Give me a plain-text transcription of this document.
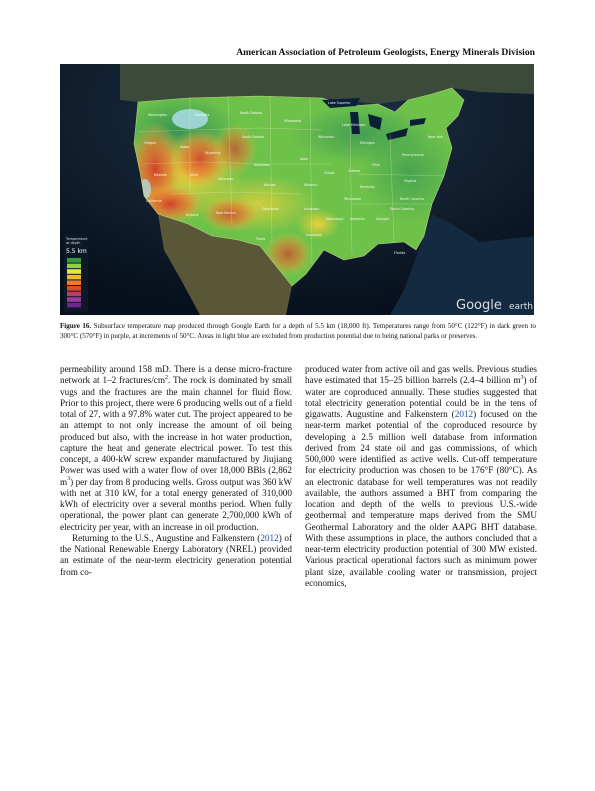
American Association of Petroleum Geologists, Energy Minerals Division
Washington	Montana	North Dakota
Oregon
Idaho
Wyoming
South Dakota
Minnesota
Wisconsin
Michigan
Nevada	Utah
Colorado
Nebraska
Iowa
Illinois	Indiana
Ohio
Pennsylvania
New York
California
Arizona	New Mexico
Kansas	Missouri	Kentucky
Virginia
Oklahoma	Arkansas
Tennessee	North Carolina
Texas
Louisiana
Mississippi Alabama	Georgia
South Carolina
Florida
Lake Superior
Lake Michigan
Temperature
at depth
5.5 km
Google earth
Figure 16. Subsurface temperature map produced through Google Earth for a depth of 5.5 km (18,000 ft). Temperatures range from 50°C (122°F) in dark green to 300°C (570°F) in purple, at increments of 50°C. Areas in light blue are excluded from production potential due to being national parks or preserves.

permeability around 158 mD. There is a dense micro-fracture network at 1–2 fractures/$cm^2$. The rock is dominated by small vugs and the fractures are the main channel for fluid flow. Prior to this project, there were 6 producing wells out of a field total of 27, with a 97.8% water cut. The project appeared to be an attempt to not only increase the amount of oil being produced but also, with the increase in hot water production, capture the heat and generate electrical power. To test this concept, a 400-kW screw expander manufactured by Jiujiang Power was used with a water flow of over 18,000 BBls (2,862 $m^3$) per day from 8 producing wells. Gross output was 360 kW with net at 310 kW, for a total energy generated of 310,000 kWh of electricity over a several months period. When fully operational, the power plant can generate 2,700,000 kWh of electricity per year, with an increase in oil production.

Returning to the U.S., Augustine and Falkenstern (2012) of the National Renewable Energy Laboratory (NREL) provided an estimate of the near-term electricity generation potential from co-

produced water from active oil and gas wells. Previous studies have estimated that 15–25 billion barrels (2.4–4 billion $m^3$) of water are coproduced annually. These studies suggested that total electricity generation potential could be in the tens of gigawatts. Augustine and Falkenstern (2012) focused on the near-term market potential of the coproduced resource by developing a 2.5 million well database from information derived from 24 state oil and gas commissions, of which 500,000 were identified as active wells. Cut-off temperature for electricity production was chosen to be 176°F (80°C). As an electronic database for well temperatures was not readily available, the authors assumed a BHT from comparing the location and depth of the wells to previous U.S.-wide geothermal and temperature maps derived from the SMU Geothermal Laboratory and the older AAPG BHT database. With these assumptions in place, the authors concluded that a near-term electricity production potential of 300 MW existed. Various practical operational factors such as minimum power plant size, available cooling water or transmission, project economics,
